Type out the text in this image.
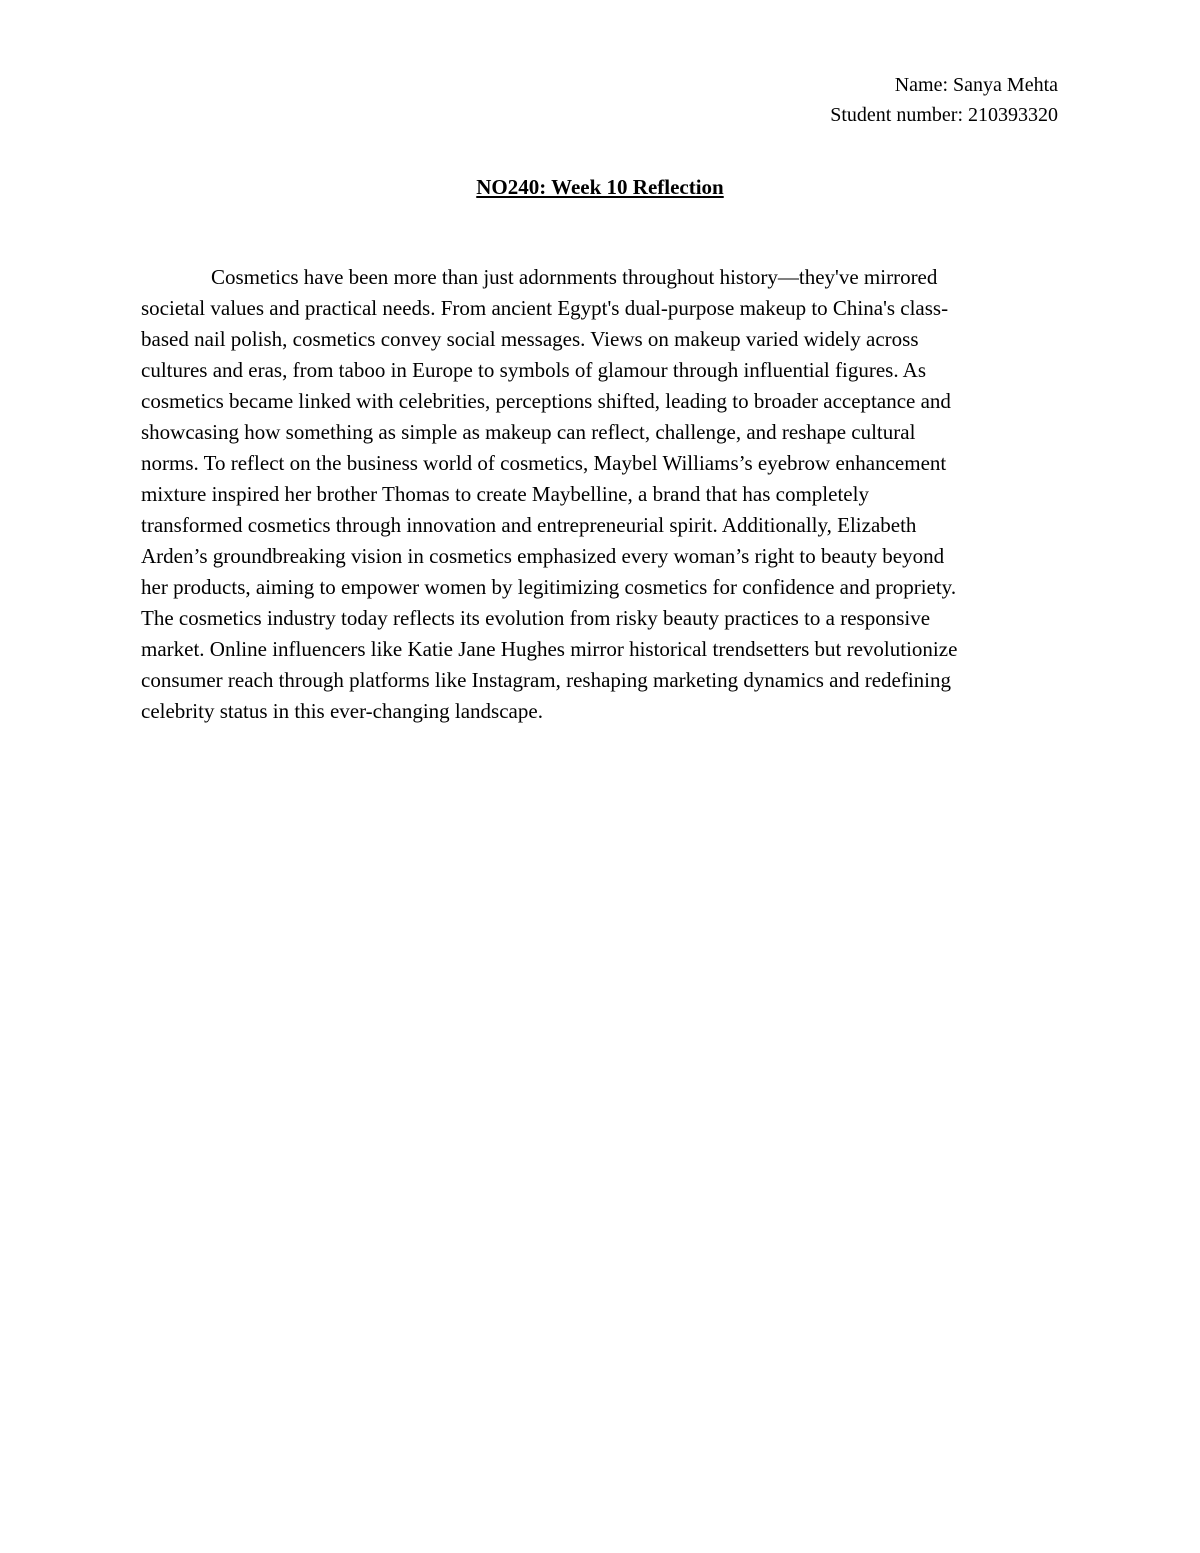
Name: Sanya Mehta
Student number: 210393320
NO240: Week 10 Reflection
Cosmetics have been more than just adornments throughout history—they've mirrored
societal values and practical needs. From ancient Egypt's dual-purpose makeup to China's class-
based nail polish, cosmetics convey social messages. Views on makeup varied widely across
cultures and eras, from taboo in Europe to symbols of glamour through influential figures. As
cosmetics became linked with celebrities, perceptions shifted, leading to broader acceptance and
showcasing how something as simple as makeup can reflect, challenge, and reshape cultural
norms. To reflect on the business world of cosmetics, Maybel Williams’s eyebrow enhancement
mixture inspired her brother Thomas to create Maybelline, a brand that has completely
transformed cosmetics through innovation and entrepreneurial spirit. Additionally, Elizabeth
Arden’s groundbreaking vision in cosmetics emphasized every woman’s right to beauty beyond
her products, aiming to empower women by legitimizing cosmetics for confidence and propriety.
The cosmetics industry today reflects its evolution from risky beauty practices to a responsive
market. Online influencers like Katie Jane Hughes mirror historical trendsetters but revolutionize
consumer reach through platforms like Instagram, reshaping marketing dynamics and redefining
celebrity status in this ever-changing landscape.
